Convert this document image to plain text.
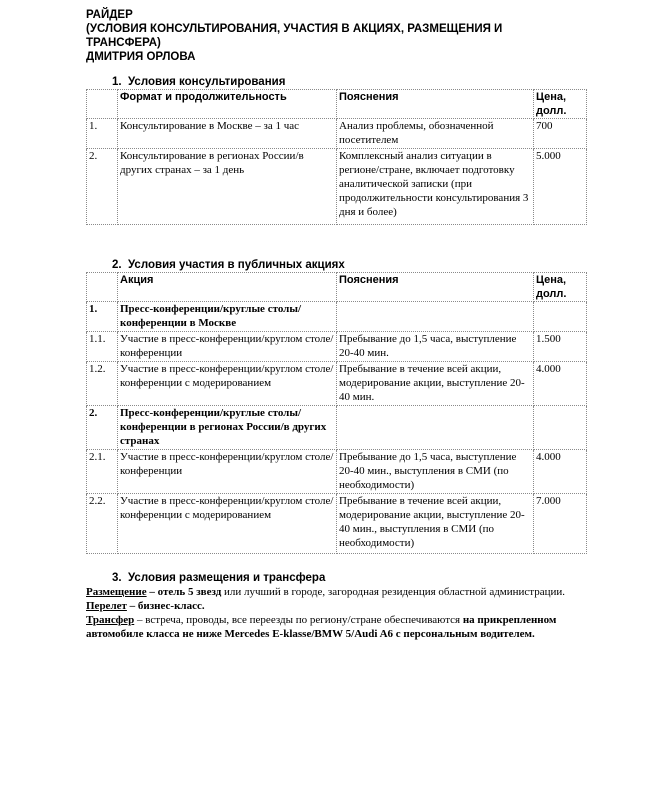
РАЙДЕР
(УСЛОВИЯ КОНСУЛЬТИРОВАНИЯ, УЧАСТИЯ В АКЦИЯХ, РАЗМЕЩЕНИЯ И
ТРАНСФЕРА)
ДМИТРИЯ ОРЛОВА
1. Условия консультирования
	Формат и продолжительность	Пояснения	Цена, долл.
1.	Консультирование в Москве – за 1 час	Анализ проблемы, обозначенной посетителем	700
2.	Консультирование в регионах России/в других странах – за 1 день	Комплексный анализ ситуации в регионе/стране, включает подготовку аналитической записки (при продолжительности консультирования 3 дня и более)	5.000
2. Условия участия в публичных акциях
	Акция	Пояснения	Цена, долл.
1.	Пресс-конференции/круглые столы/ конференции в Москве		
1.1.	Участие в пресс-конференции/круглом столе/конференции	Пребывание до 1,5 часа, выступление 20-40 мин.	1.500
1.2.	Участие в пресс-конференции/круглом столе/конференции с модерированием	Пребывание в течение всей акции, модерирование акции, выступление 20-40 мин.	4.000
2.	Пресс-конференции/круглые столы/ конференции в регионах России/в других странах		
2.1.	Участие в пресс-конференции/круглом столе/конференции	Пребывание до 1,5 часа, выступление 20-40 мин., выступления в СМИ (по необходимости)	4.000
2.2.	Участие в пресс-конференции/круглом столе/конференции с модерированием	Пребывание в течение всей акции, модерирование акции, выступление 20-40 мин., выступления в СМИ (по необходимости)	7.000
3. Условия размещения и трансфера
Размещение – отель 5 звезд или лучший в городе, загородная резиденция областной администрации.
Перелет – бизнес-класс.
Трансфер – встреча, проводы, все переезды по региону/стране обеспечиваются на прикрепленном автомобиле класса не ниже Mercedes E-klasse/BMW 5/Audi A6 с персональным водителем.
